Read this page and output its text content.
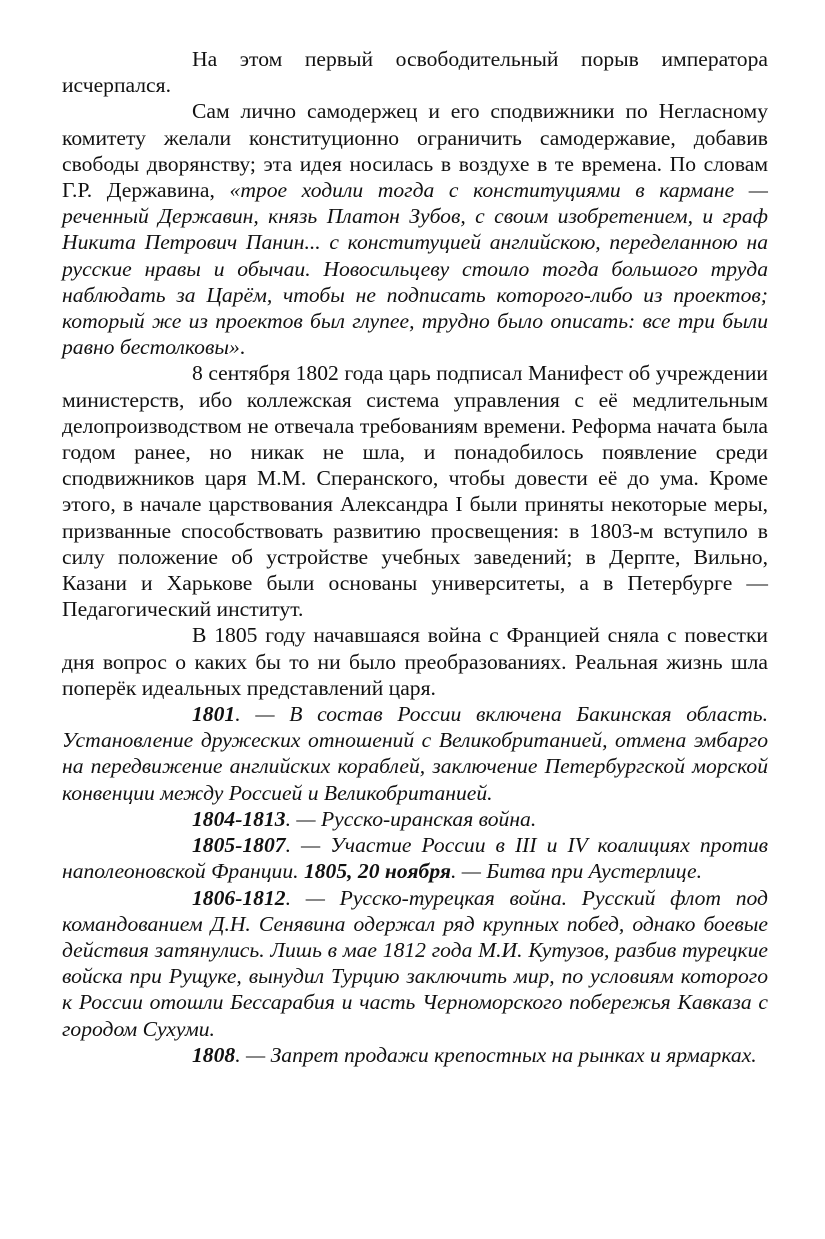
На этом первый освободительный порыв императора исчерпался.

Сам лично самодержец и его сподвижники по Негласному комитету желали конституционно ограничить самодержавие, добавив свободы дворянству; эта идея носилась в воздухе в те времена. По словам Г.Р. Державина, «трое ходили тогда с конституциями в кармане — реченный Державин, князь Платон Зубов, с своим изобретением, и граф Никита Петрович Панин... с конституцией английскою, переделанною на русские нравы и обычаи. Новосильцеву стоило тогда большого труда наблюдать за Царём, чтобы не подписать которого-либо из проектов; который же из проектов был глупее, трудно было описать: все три были равно бестолковы».

8 сентября 1802 года царь подписал Манифест об учреждении министерств, ибо коллежская система управления с её медлительным делопроизводством не отвечала требованиям времени. Реформа начата была годом ранее, но никак не шла, и понадобилось появление среди сподвижников царя М.М. Сперанского, чтобы довести её до ума. Кроме этого, в начале царствования Александра I были приняты некоторые меры, призванные способствовать развитию просвещения: в 1803-м вступило в силу положение об устройстве учебных заведений; в Дерпте, Вильно, Казани и Харькове были основаны университеты, а в Петербурге — Педагогический институт.

В 1805 году начавшаяся война с Францией сняла с повестки дня вопрос о каких бы то ни было преобразованиях. Реальная жизнь шла поперёк идеальных представлений царя.

1801. — В состав России включена Бакинская область. Установление дружеских отношений с Великобританией, отмена эмбарго на передвижение английских кораблей, заключение Петербургской морской конвенции между Россией и Великобританией.

1804-1813. — Русско-иранская война.

1805-1807. — Участие России в III и IV коалициях против наполеоновской Франции. 1805, 20 ноября. — Битва при Аустерлице.

1806-1812. — Русско-турецкая война. Русский флот под командованием Д.Н. Сенявина одержал ряд крупных побед, однако боевые действия затянулись. Лишь в мае 1812 года М.И. Кутузов, разбив турецкие войска при Рущуке, вынудил Турцию заключить мир, по условиям которого к России отошли Бессарабия и часть Черноморского побережья Кавказа с городом Сухуми.

1808. — Запрет продажи крепостных на рынках и ярмарках.
